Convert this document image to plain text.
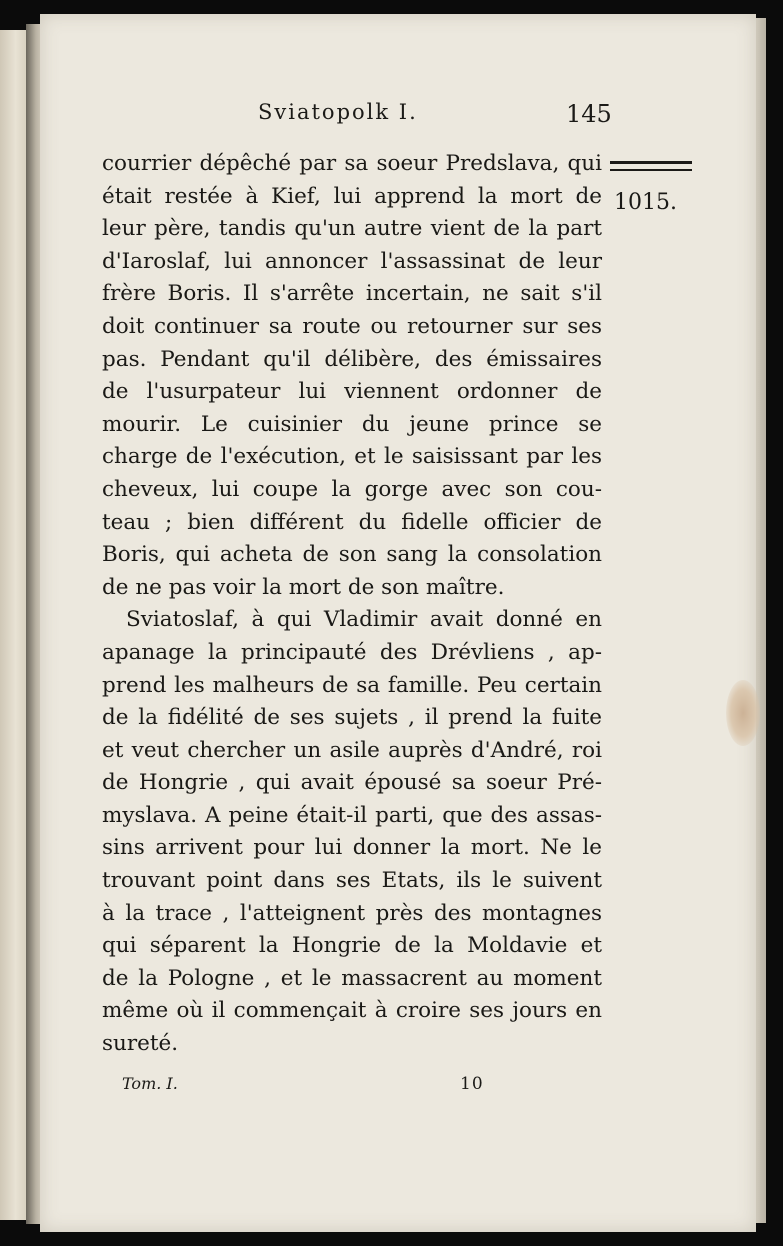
Sviatopolk I.	145
1015.
courrier dépêché par sa soeur Predslava, qui
était restée à Kief, lui apprend la mort de
leur père, tandis qu'un autre vient de la part
d'Iaroslaf, lui annoncer l'assassinat de leur
frère Boris. Il s'arrête incertain, ne sait s'il
doit continuer sa route ou retourner sur ses
pas. Pendant qu'il délibère, des émissaires
de l'usurpateur lui viennent ordonner de
mourir. Le cuisinier du jeune prince se
charge de l'exécution, et le saisissant par les
cheveux, lui coupe la gorge avec son cou-
teau ; bien différent du fidelle officier de
Boris, qui acheta de son sang la consolation
de ne pas voir la mort de son maître.
Sviatoslaf, à qui Vladimir avait donné en
apanage la principauté des Drévliens , ap-
prend les malheurs de sa famille. Peu certain
de la fidélité de ses sujets , il prend la fuite
et veut chercher un asile auprès d'André, roi
de Hongrie , qui avait épousé sa soeur Pré-
myslava. A peine était-il parti, que des assas-
sins arrivent pour lui donner la mort. Ne le
trouvant point dans ses Etats, ils le suivent
à la trace , l'atteignent près des montagnes
qui séparent la Hongrie de la Moldavie et
de la Pologne , et le massacrent au moment
même où il commençait à croire ses jours en
sureté.
Tom. I.	10
